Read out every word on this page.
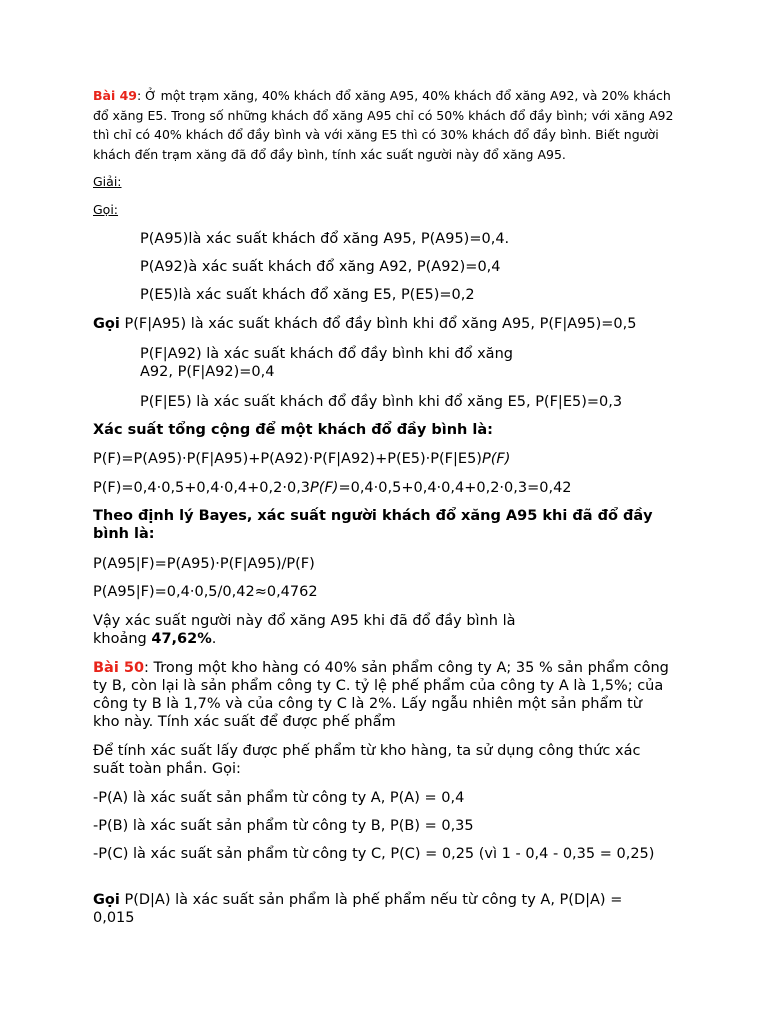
Bài 49: Ở một trạm xăng, 40% khách đổ xăng A95, 40% khách đổ xăng A92, và 20% khách đổ xăng E5. Trong số những khách đổ xăng A95 chỉ có 50% khách đổ đầy bình; với xăng A92 thì chỉ có 40% khách đổ đầy bình và với xăng E5 thì có 30% khách đổ đầy bình. Biết người khách đến trạm xăng đã đổ đầy bình, tính xác suất người này đổ xăng A95.

Giải:

Gọi:

P(A95)là xác suất khách đổ xăng A95, P(A95)=0,4.

P(A92)à xác suất khách đổ xăng A92, P(A92)=0,4

P(E5)là xác suất khách đổ xăng E5, P(E5)=0,2

Gọi P(F|A95) là xác suất khách đổ đầy bình khi đổ xăng A95, P(F|A95)=0,5

P(F|A92) là xác suất khách đổ đầy bình khi đổ xăng A92, P(F|A92)=0,4

P(F|E5) là xác suất khách đổ đầy bình khi đổ xăng E5, P(F|E5)=0,3

Xác suất tổng cộng để một khách đổ đầy bình là:

P(F)=P(A95)⋅P(F|A95)+P(A92)⋅P(F|A92)+P(E5)⋅P(F|E5)P(F)

P(F)=0,4⋅0,5+0,4⋅0,4+0,2⋅0,3P(F)=0,4⋅0,5+0,4⋅0,4+0,2⋅0,3=0,42

Theo định lý Bayes, xác suất người khách đổ xăng A95 khi đã đổ đầy bình là:

P(A95|F)=P(A95)⋅P(F|A95)/P(F)

P(A95|F)=0,4⋅0,5/0,42≈0,4762

Vậy xác suất người này đổ xăng A95 khi đã đổ đầy bình là khoảng 47,62%.

Bài 50: Trong một kho hàng có 40% sản phẩm công ty A; 35 % sản phẩm công ty B, còn lại là sản phẩm công ty C. tỷ lệ phế phẩm của công ty A là 1,5%; của công ty B là 1,7% và của công ty C là 2%. Lấy ngẫu nhiên một sản phẩm từ kho này. Tính xác suất để được phế phẩm

Để tính xác suất lấy được phế phẩm từ kho hàng, ta sử dụng công thức xác suất toàn phần. Gọi:

-P(A) là xác suất sản phẩm từ công ty A, P(A) = 0,4

-P(B) là xác suất sản phẩm từ công ty B, P(B) = 0,35

-P(C) là xác suất sản phẩm từ công ty C, P(C) = 0,25 (vì 1 - 0,4 - 0,35 = 0,25)

Gọi P(D|A) là xác suất sản phẩm là phế phẩm nếu từ công ty A, P(D|A) = 0,015
